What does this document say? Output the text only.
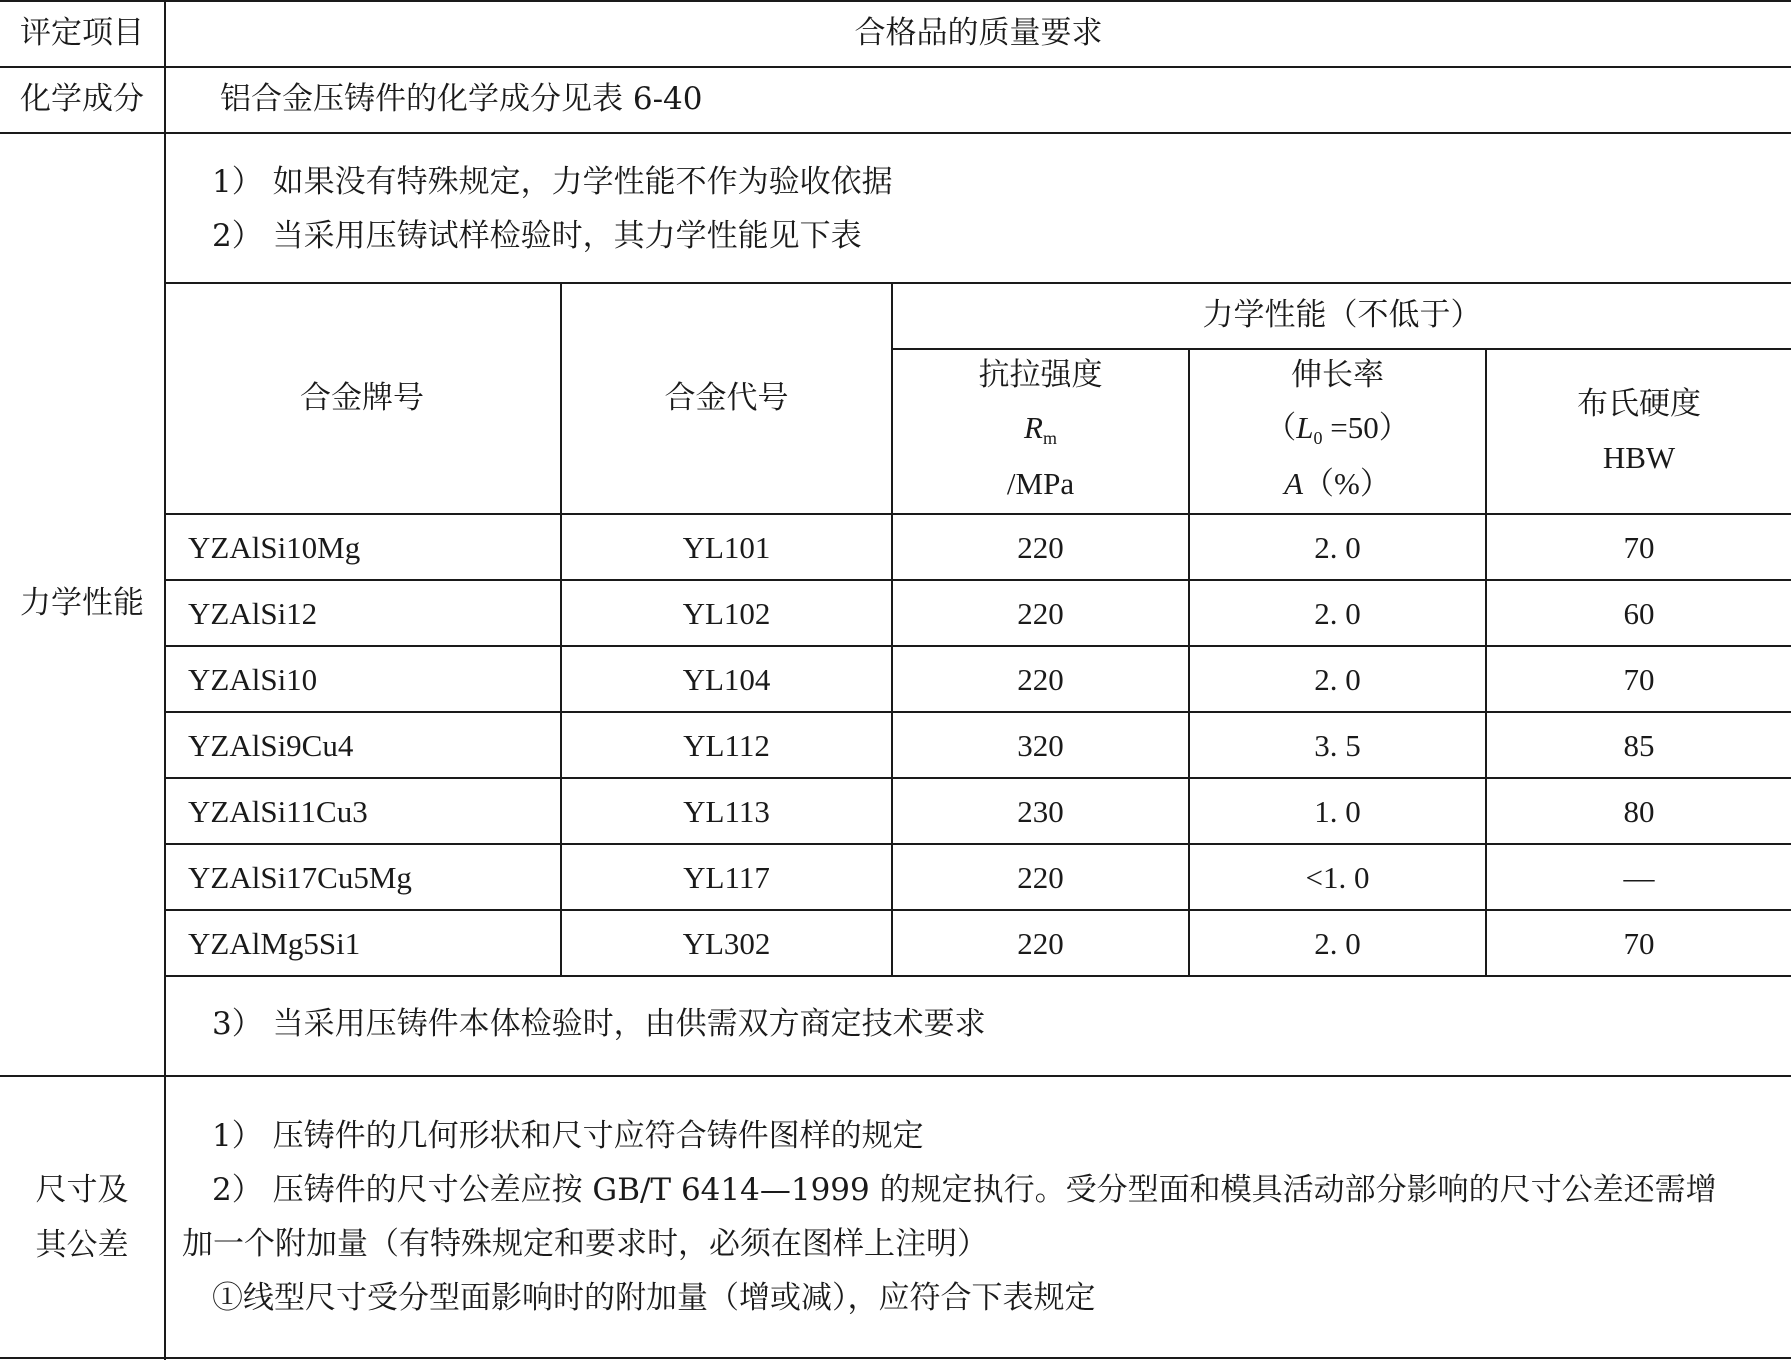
评定项目	合格品的质量要求
化学成分	铝合金压铸件的化学成分见表 6-40
力学性能
1） 如果没有特殊规定，力学性能不作为验收依据
2） 当采用压铸试样检验时，其力学性能见下表
合金牌号	合金代号
力学性能（不低于）
抗拉强度
$R_m$
/MPa
伸长率
$(L_0 =50)$
A（%）
布氏硬度
HBW
YZAlSi10Mg	YL101	220	2. 0	70
YZAlSi12	YL102	220	2. 0	60
YZAlSi10	YL104	220	2. 0	70
YZAlSi9Cu4	YL112	320	3. 5	85
YZAlSi11Cu3	YL113	230	1. 0	80
YZAlSi17Cu5Mg	YL117	220	<1. 0	—
YZAlMg5Si1	YL302	220	2. 0	70
3） 当采用压铸件本体检验时，由供需双方商定技术要求
尺寸及
其公差
1） 压铸件的几何形状和尺寸应符合铸件图样的规定
2） 压铸件的尺寸公差应按 GB/T 6414—1999 的规定执行。受分型面和模具活动部分影响的尺寸公差还需增
加一个附加量（有特殊规定和要求时，必须在图样上注明）
①线型尺寸受分型面影响时的附加量（增或减），应符合下表规定
